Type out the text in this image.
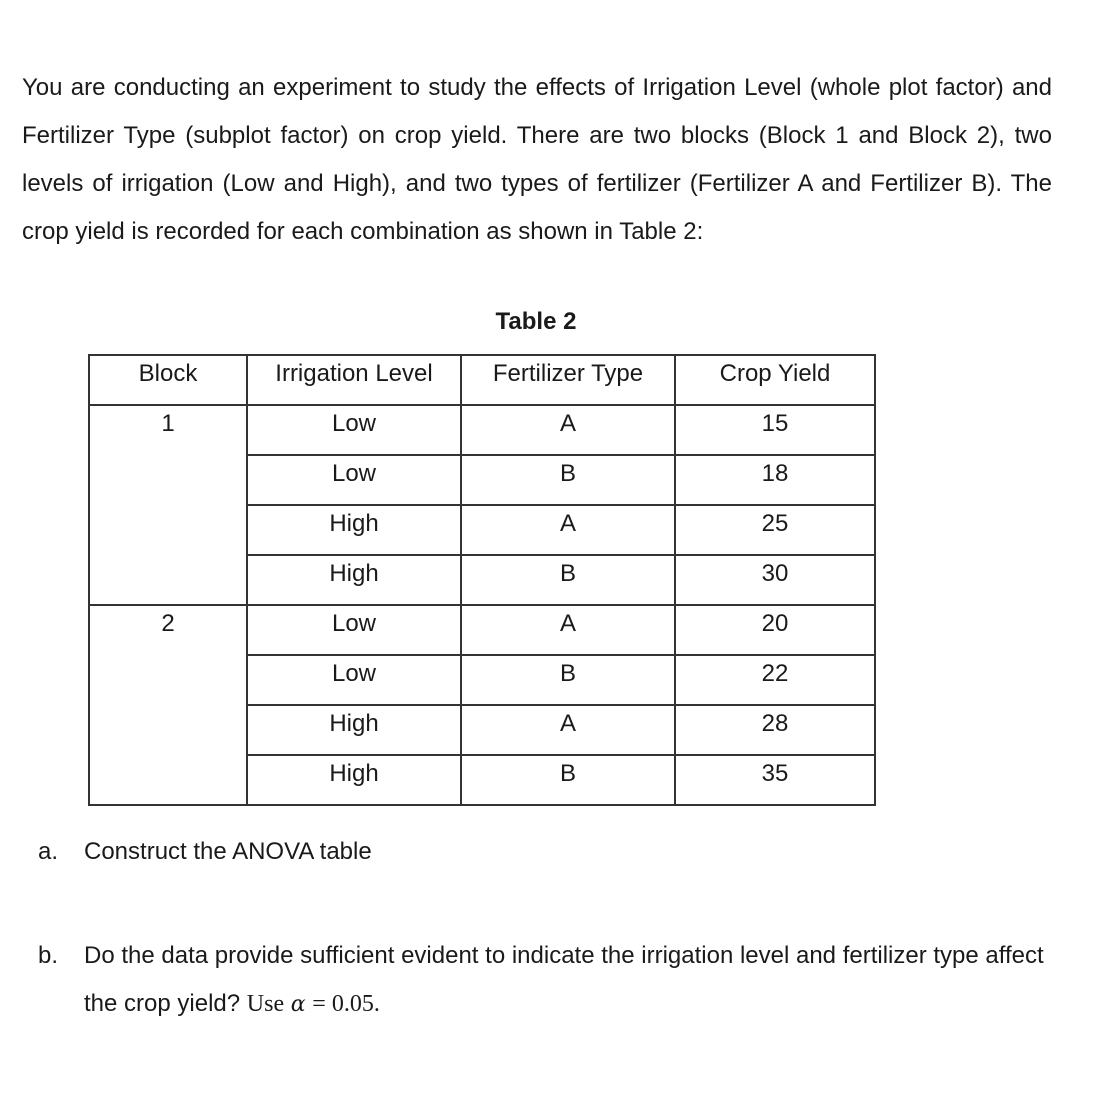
You are conducting an experiment to study the effects of Irrigation Level (whole plot factor) and Fertilizer Type (subplot factor) on crop yield. There are two blocks (Block 1 and Block 2), two levels of irrigation (Low and High), and two types of fertilizer (Fertilizer A and Fertilizer B). The crop yield is recorded for each combination as shown in Table 2:

Table 2
Block	Irrigation Level	Fertilizer Type	Crop Yield
1	Low	A	15
	Low	B	18
	High	A	25
	High	B	30
2	Low	A	20
	Low	B	22
	High	A	28
	High	B	35

a. Construct the ANOVA table

b. Do the data provide sufficient evident to indicate the irrigation level and fertilizer type affect the crop yield? Use α = 0.05.
